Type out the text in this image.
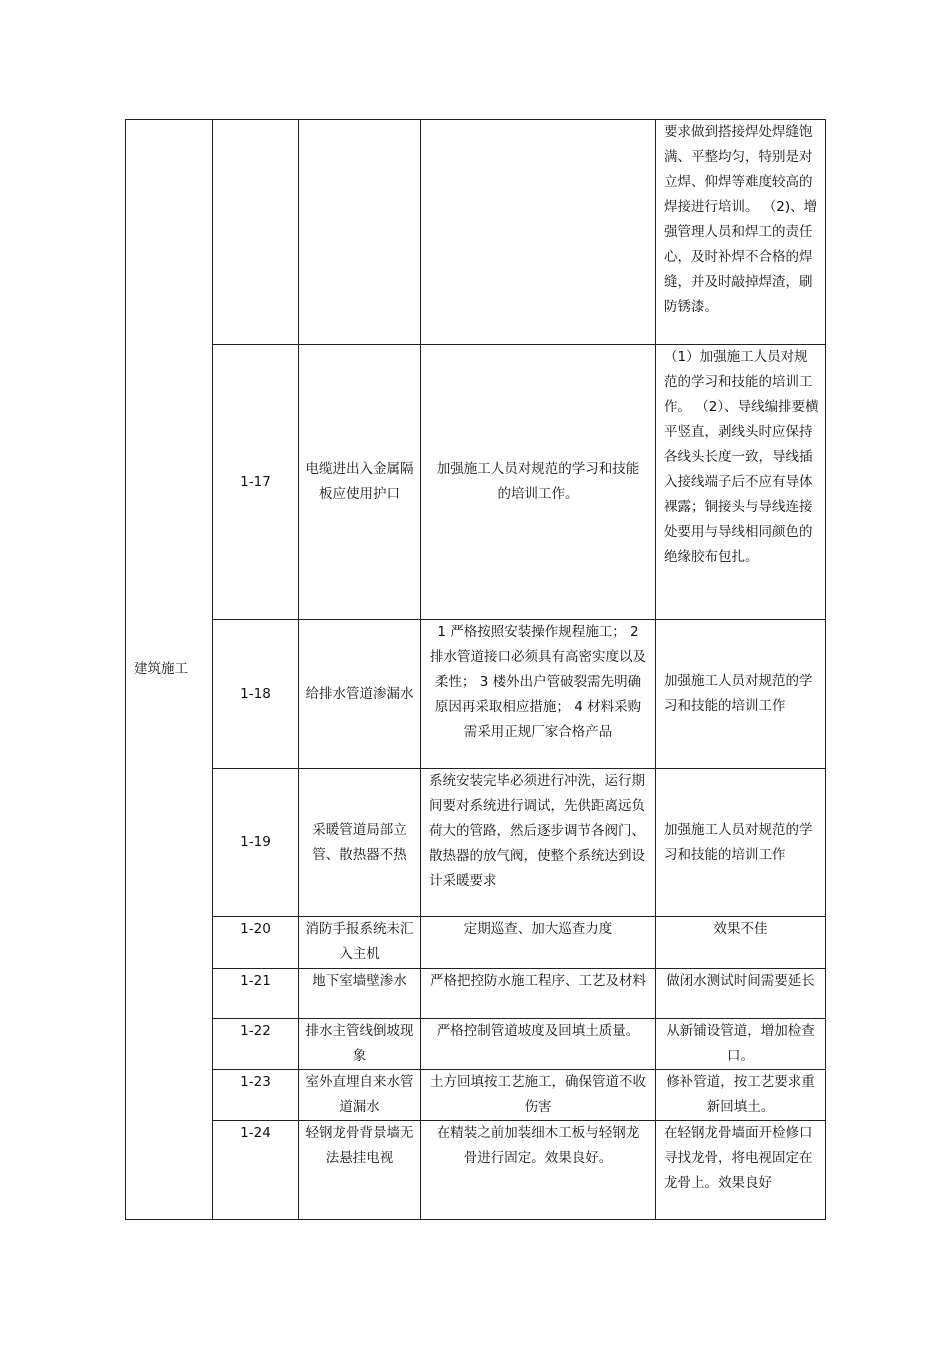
建筑施工				要求做到搭接焊处焊缝饱满、平整均匀，特别是对立焊、仰焊等难度较高的焊接进行培训。 （2)、增强管理人员和焊工的责任心，及时补焊不合格的焊缝，并及时敲掉焊渣，刷防锈漆。
	1-17	电缆进出入金属隔板应使用护口	加强施工人员对规范的学习和技能的培训工作。	（1）加强施工人员对规范的学习和技能的培训工作。 （2）、导线编排要横平竖直，剥线头时应保持各线头长度一致，导线插入接线端子后不应有导体裸露；铜接头与导线连接处要用与导线相同颜色的绝缘胶布包扎。
	1-18	给排水管道渗漏水	1 严格按照安装操作规程施工； 2 排水管道接口必须具有高密实度以及柔性； 3 楼外出户管破裂需先明确原因再采取相应措施； 4 材料采购需采用正规厂家合格产品	加强施工人员对规范的学习和技能的培训工作
	1-19	采暖管道局部立管、散热器不热	系统安装完毕必须进行冲洗，运行期间要对系统进行调试，先供距离远负荷大的管路，然后逐步调节各阀门、散热器的放气阀，使整个系统达到设计采暖要求	加强施工人员对规范的学习和技能的培训工作
	1-20	消防手报系统未汇入主机	定期巡查、加大巡查力度	效果不佳
	1-21	地下室墙壁渗水	严格把控防水施工程序、工艺及材料	做闭水测试时间需要延长
	1-22	排水主管线倒坡现象	严格控制管道坡度及回填土质量。	从新铺设管道，增加检查口。
	1-23	室外直埋自来水管道漏水	土方回填按工艺施工，确保管道不收伤害	修补管道，按工艺要求重新回填土。
	1-24	轻钢龙骨背景墙无法悬挂电视	在精装之前加装细木工板与轻钢龙骨进行固定。效果良好。	在轻钢龙骨墙面开检修口寻找龙骨，将电视固定在龙骨上。效果良好
